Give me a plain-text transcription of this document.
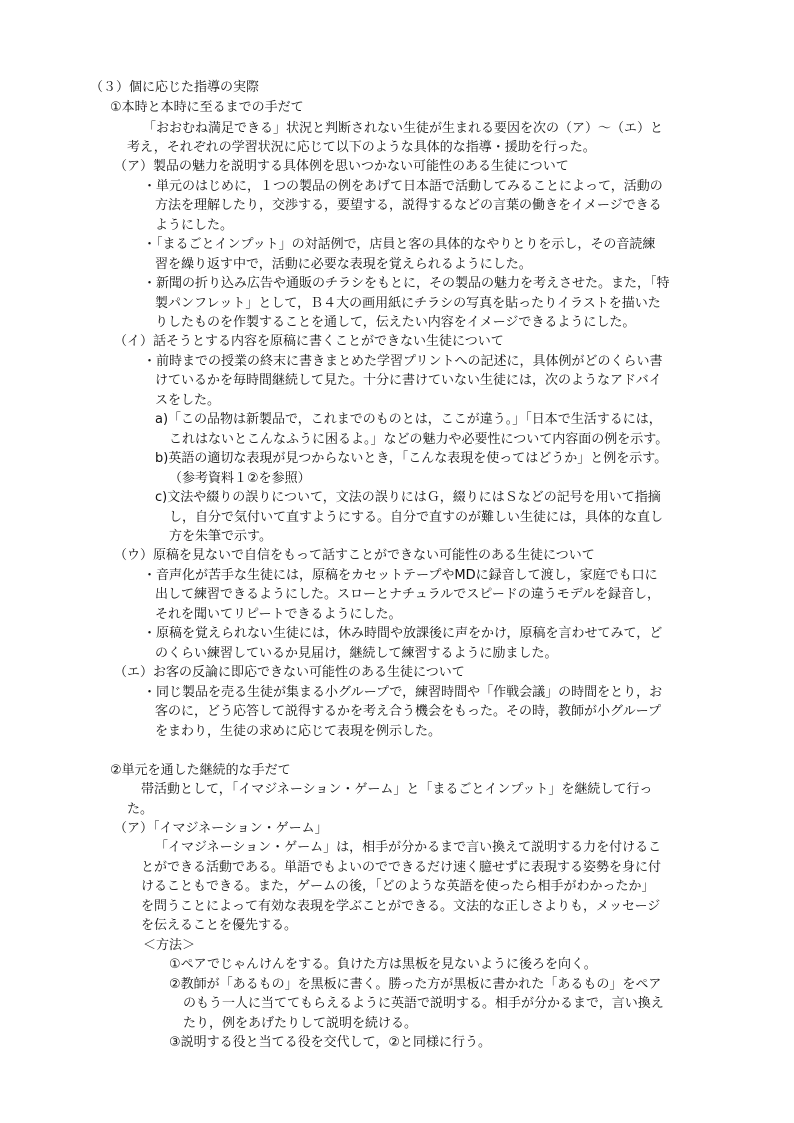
（３）個に応じた指導の実際

①本時と本時に至るまでの手だて

「おおむね満足できる」状況と判断されない生徒が生まれる要因を次の（ア）～（エ）と

考え，それぞれの学習状況に応じて以下のような具体的な指導・援助を行った。

（ア）製品の魅力を説明する具体例を思いつかない可能性のある生徒について

・単元のはじめに，１つの製品の例をあげて日本語で活動してみることによって，活動の

方法を理解したり，交渉する，要望する，説得するなどの言葉の働きをイメージできる

ようにした。

・「まるごとインプット」の対話例で，店員と客の具体的なやりとりを示し，その音読練

習を繰り返す中で，活動に必要な表現を覚えられるようにした。

・新聞の折り込み広告や通販のチラシをもとに，その製品の魅力を考えさせた。また，「特

製パンフレット」として，Ｂ４大の画用紙にチラシの写真を貼ったりイラストを描いた

りしたものを作製することを通して，伝えたい内容をイメージできるようにした。

（イ）話そうとする内容を原稿に書くことができない生徒について

・前時までの授業の終末に書きまとめた学習プリントへの記述に，具体例がどのくらい書

けているかを毎時間継続して見た。十分に書けていない生徒には，次のようなアドバイ

スをした。

a)「この品物は新製品で，これまでのものとは，ここが違う。」「日本で生活するには，

これはないとこんなふうに困るよ。」などの魅力や必要性について内容面の例を示す。

b)英語の適切な表現が見つからないとき，「こんな表現を使ってはどうか」と例を示す。

（参考資料１②を参照）

c)文法や綴りの誤りについて，文法の誤りにはＧ，綴りにはＳなどの記号を用いて指摘

し，自分で気付いて直すようにする。自分で直すのが難しい生徒には，具体的な直し

方を朱筆で示す。

（ウ）原稿を見ないで自信をもって話すことができない可能性のある生徒について

・音声化が苦手な生徒には，原稿をカセットテープやMDに録音して渡し，家庭でも口に

出して練習できるようにした。スローとナチュラルでスピードの違うモデルを録音し，

それを聞いてリピートできるようにした。

・原稿を覚えられない生徒には，休み時間や放課後に声をかけ，原稿を言わせてみて，ど

のくらい練習しているか見届け，継続して練習するように励ました。

（エ）お客の反論に即応できない可能性のある生徒について

・同じ製品を売る生徒が集まる小グループで，練習時間や「作戦会議」の時間をとり，お

客のに，どう応答して説得するかを考え合う機会をもった。その時，教師が小グループ

をまわり，生徒の求めに応じて表現を例示した。

②単元を通した継続的な手だて

帯活動として，「イマジネーション・ゲーム」と「まるごとインプット」を継続して行っ

た。

（ア）「イマジネーション・ゲーム」

「イマジネーション・ゲーム」は，相手が分かるまで言い換えて説明する力を付けるこ

とができる活動である。単語でもよいのでできるだけ速く臆せずに表現する姿勢を身に付

けることもできる。また，ゲームの後，「どのような英語を使ったら相手がわかったか」

を問うことによって有効な表現を学ぶことができる。文法的な正しさよりも，メッセージ

を伝えることを優先する。

＜方法＞

①ペアでじゃんけんをする。負けた方は黒板を見ないように後ろを向く。

②教師が「あるもの」を黒板に書く。勝った方が黒板に書かれた「あるもの」をペア

のもう一人に当ててもらえるように英語で説明する。相手が分かるまで，言い換え

たり，例をあげたりして説明を続ける。

③説明する役と当てる役を交代して，②と同様に行う。
